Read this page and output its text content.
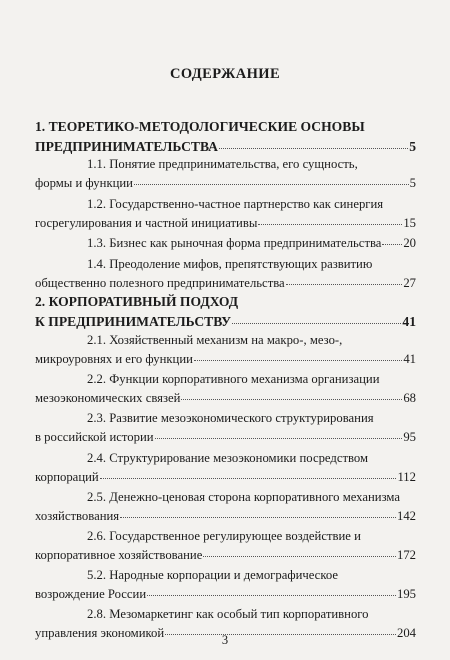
СОДЕРЖАНИЕ
1. ТЕОРЕТИКО-МЕТОДОЛОГИЧЕСКИЕ ОСНОВЫ
ПРЕДПРИНИМАТЕЛЬСТВА	5
1.1. Понятие предпринимательства, его сущность,
формы и функции	5
1.2. Государственно-частное партнерство как синергия
госрегулирования и частной инициативы	15
1.3. Бизнес как рыночная форма предпринимательства 20
1.4. Преодоление мифов, препятствующих развитию
общественно полезного предпринимательства	27
2. КОРПОРАТИВНЫЙ ПОДХОД
К ПРЕДПРИНИМАТЕЛЬСТВУ	41
2.1. Хозяйственный механизм на макро-, мезо-,
микроуровнях и его функции	41
2.2. Функции корпоративного механизма организации
мезоэкономических связей	68
2.3. Развитие мезоэкономического структурирования
в российской истории	95
2.4. Структурирование мезоэкономики посредством
корпораций	112
2.5. Денежно-ценовая сторона корпоративного механизма
хозяйствования	142
2.6. Государственное регулирующее воздействие и
корпоративное хозяйствование	172
5.2. Народные корпорации и демографическое
возрождение России	195
2.8. Мезомаркетинг как особый тип корпоративного
управления экономикой	204
3
